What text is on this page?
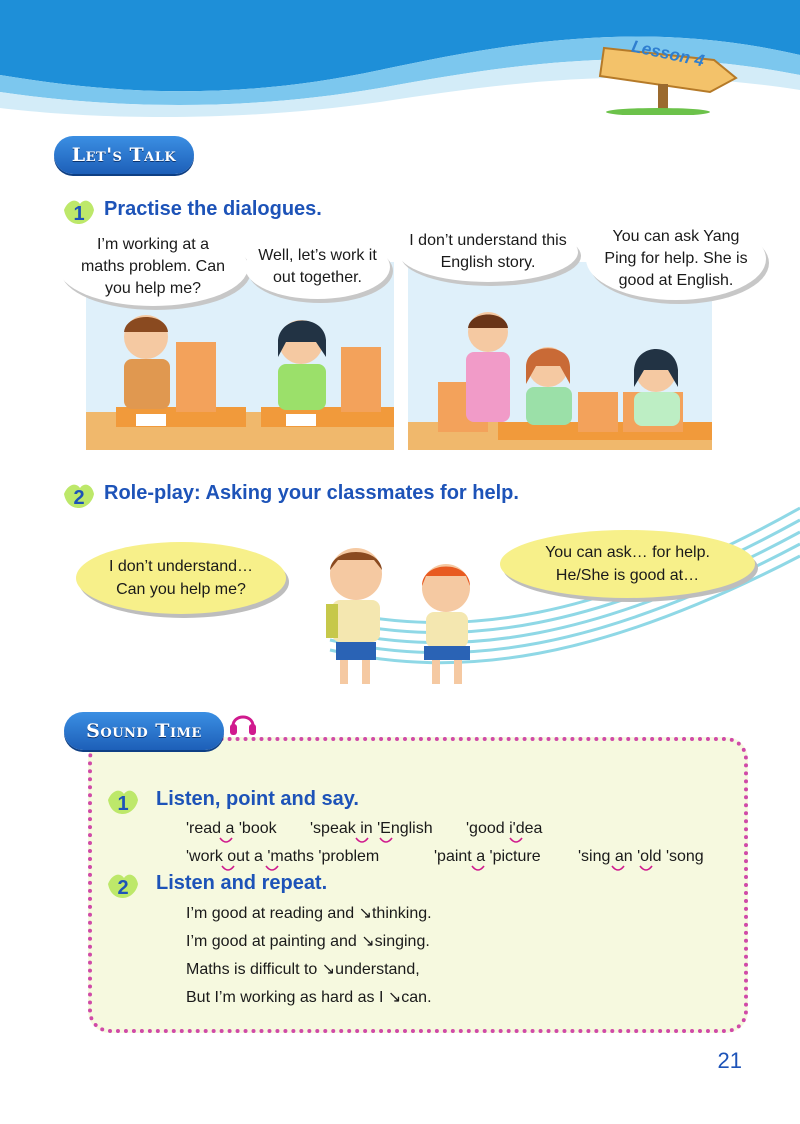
Lesson 4
Let's Talk
1 Practise the dialogues.
I’m working at a maths problem. Can you help me?
Well, let’s work it out together.
I don’t understand this English story.
You can ask Yang Ping for help. She is good at English.
2 Role-play: Asking your classmates for help.
I don’t understand… Can you help me?
You can ask… for help. He/She is good at…
Sound Time
1 Listen, point and say.
'read a 'book 'speak in 'English 'good i'dea
'work out a 'maths 'problem	'paint a 'picture 'sing an 'old 'song
2 Listen and repeat.
I’m good at reading and ↘thinking.
I’m good at painting and ↘singing.
Maths is difficult to ↘understand,
But I’m working as hard as I ↘can.
21
